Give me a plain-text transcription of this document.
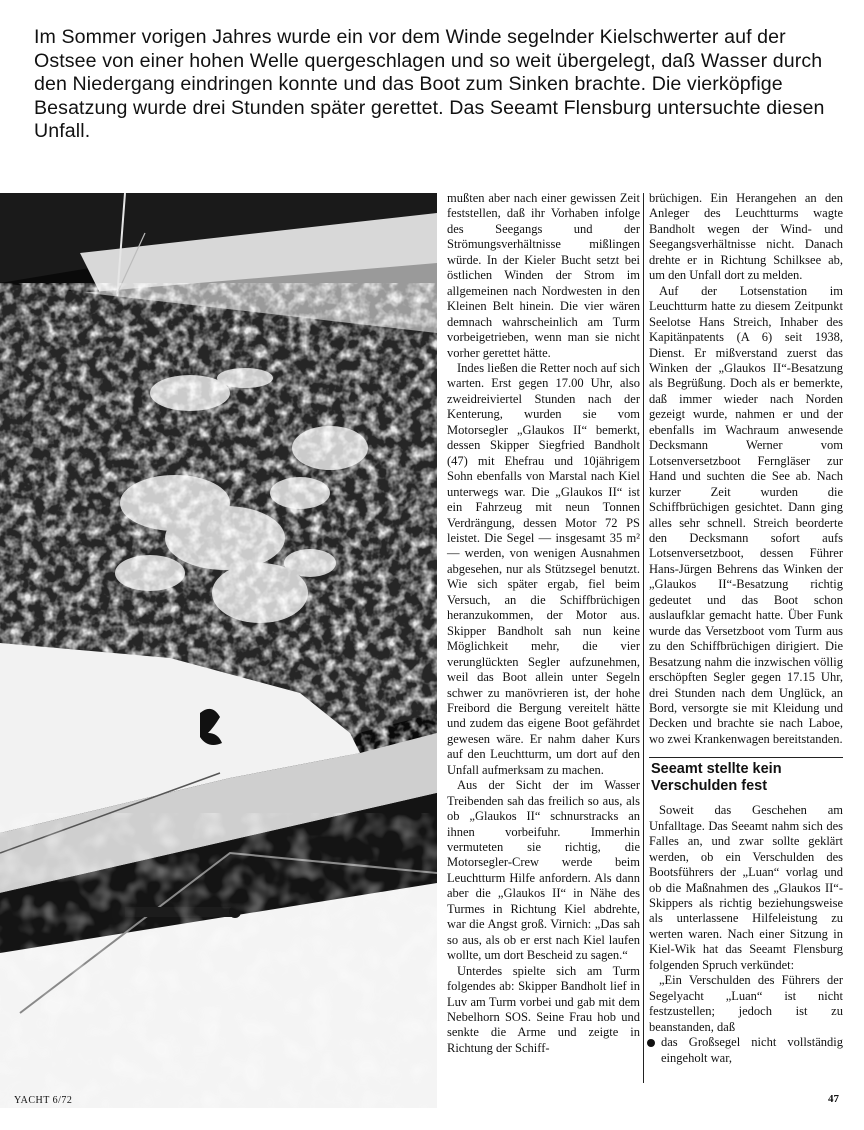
Im Sommer vorigen Jahres wurde ein vor dem Winde segelnder Kielschwerter auf der Ostsee von einer hohen Welle quergeschlagen und so weit übergelegt, daß Wasser durch den Niedergang eindringen konnte und das Boot zum Sinken brachte. Die vierköpfige Besatzung wurde drei Stunden später gerettet. Das Seeamt Flensburg untersuchte diesen Unfall.

mußten aber nach einer gewissen Zeit feststellen, daß ihr Vorhaben infolge des Seegangs und der Strömungsverhältnisse mißlingen würde. In der Kieler Bucht setzt bei östlichen Winden der Strom im allgemeinen nach Nordwesten in den Kleinen Belt hinein. Die vier wären demnach wahrscheinlich am Turm vorbeigetrieben, wenn man sie nicht vorher gerettet hätte.

Indes ließen die Retter noch auf sich warten. Erst gegen 17.00 Uhr, also zweidreiviertel Stunden nach der Kenterung, wurden sie vom Motorsegler „Glaukos II“ bemerkt, dessen Skipper Siegfried Bandholt (47) mit Ehefrau und 10jährigem Sohn ebenfalls von Marstal nach Kiel unterwegs war. Die „Glaukos II“ ist ein Fahrzeug mit neun Tonnen Verdrängung, dessen Motor 72 PS leistet. Die Segel — insgesamt 35 m² — werden, von wenigen Ausnahmen abgesehen, nur als Stützsegel benutzt. Wie sich später ergab, fiel beim Versuch, an die Schiffbrüchigen heranzukommen, der Motor aus. Skipper Bandholt sah nun keine Möglichkeit mehr, die vier verunglückten Segler aufzunehmen, weil das Boot allein unter Segeln schwer zu manövrieren ist, der hohe Freibord die Bergung vereitelt hätte und zudem das eigene Boot gefährdet gewesen wäre. Er nahm daher Kurs auf den Leuchtturm, um dort auf den Unfall aufmerksam zu machen.

Aus der Sicht der im Wasser Treibenden sah das freilich so aus, als ob „Glaukos II“ schnurstracks an ihnen vorbeifuhr. Immerhin vermuteten sie richtig, die Motorsegler-Crew werde beim Leuchtturm Hilfe anfordern. Als dann aber die „Glaukos II“ in Nähe des Turmes in Richtung Kiel abdrehte, war die Angst groß. Virnich: „Das sah so aus, als ob er erst nach Kiel laufen wollte, um dort Bescheid zu sagen.“

Unterdes spielte sich am Turm folgendes ab: Skipper Bandholt lief in Luv am Turm vorbei und gab mit dem Nebelhorn SOS. Seine Frau hob und senkte die Arme und zeigte in Richtung der Schiff-

brüchigen. Ein Herangehen an den Anleger des Leuchtturms wagte Bandholt wegen der Wind- und Seegangsverhältnisse nicht. Danach drehte er in Richtung Schilksee ab, um den Unfall dort zu melden.

Auf der Lotsenstation im Leuchtturm hatte zu diesem Zeitpunkt Seelotse Hans Streich, Inhaber des Kapitänpatents (A 6) seit 1938, Dienst. Er mißverstand zuerst das Winken der „Glaukos II“-Besatzung als Begrüßung. Doch als er bemerkte, daß immer wieder nach Norden gezeigt wurde, nahmen er und der ebenfalls im Wachraum anwesende Decksmann Werner vom Lotsenversetzboot Ferngläser zur Hand und suchten die See ab. Nach kurzer Zeit wurden die Schiffbrüchigen gesichtet. Dann ging alles sehr schnell. Streich beorderte den Decksmann sofort aufs Lotsenversetzboot, dessen Führer Hans-Jürgen Behrens das Winken der „Glaukos II“-Besatzung richtig gedeutet und das Boot schon auslaufklar gemacht hatte. Über Funk wurde das Versetzboot vom Turm aus zu den Schiffbrüchigen dirigiert. Die Besatzung nahm die inzwischen völlig erschöpften Segler gegen 17.15 Uhr, drei Stunden nach dem Unglück, an Bord, versorgte sie mit Kleidung und Decken und brachte sie nach Laboe, wo zwei Krankenwagen bereitstanden.

Seeamt stellte kein Verschulden fest

Soweit das Geschehen am Unfalltage. Das Seeamt nahm sich des Falles an, und zwar sollte geklärt werden, ob ein Verschulden des Bootsführers der „Luan“ vorlag und ob die Maßnahmen des „Glaukos II“-Skippers als richtig beziehungsweise als unterlassene Hilfeleistung zu werten waren. Nach einer Sitzung in Kiel-Wik hat das Seeamt Flensburg folgenden Spruch verkündet:

„Ein Verschulden des Führers der Segelyacht „Luan“ ist nicht festzustellen; jedoch ist zu beanstanden, daß

das Großsegel nicht vollständig eingeholt war,

YACHT 6/72	47
